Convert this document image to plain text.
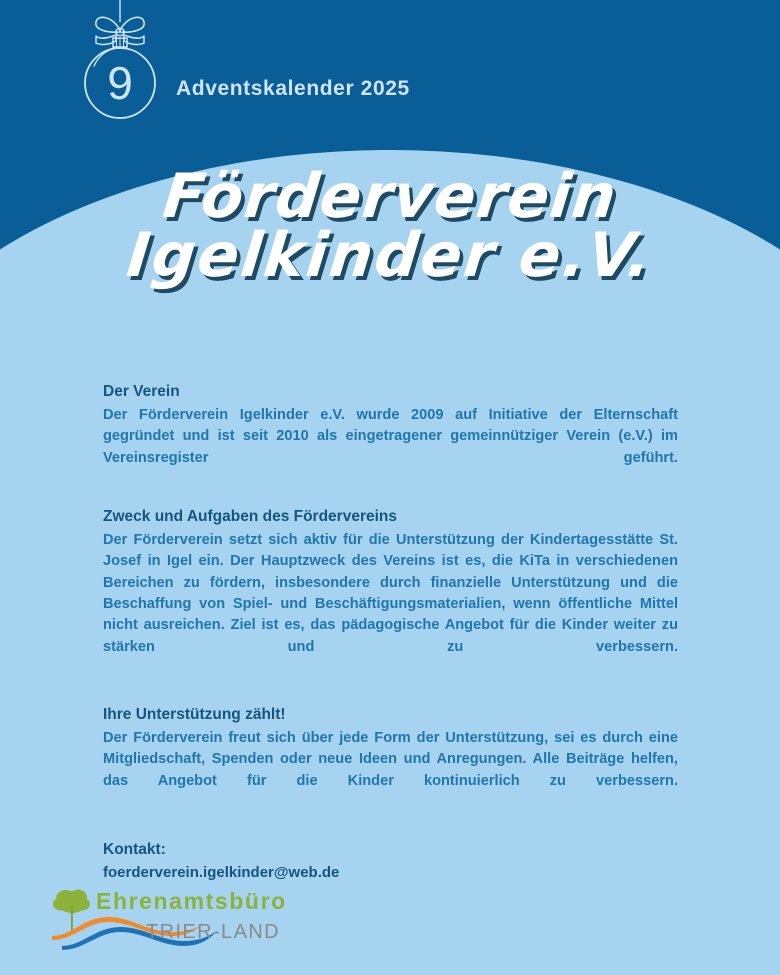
9 Adventskalender 2025
Förderverein
Igelkinder e.V.
Der Verein
Der Förderverein Igelkinder e.V. wurde 2009 auf Initiative der Elternschaft gegründet und ist seit 2010 als eingetragener gemeinnütziger Verein (e.V.) im Vereinsregister geführt.
Zweck und Aufgaben des Fördervereins
Der Förderverein setzt sich aktiv für die Unterstützung der Kindertagesstätte St. Josef in Igel ein. Der Hauptzweck des Vereins ist es, die KiTa in verschiedenen Bereichen zu fördern, insbesondere durch finanzielle Unterstützung und die Beschaffung von Spiel- und Beschäftigungsmaterialien, wenn öffentliche Mittel nicht ausreichen. Ziel ist es, das pädagogische Angebot für die Kinder weiter zu stärken und zu verbessern.
Ihre Unterstützung zählt!
Der Förderverein freut sich über jede Form der Unterstützung, sei es durch eine Mitgliedschaft, Spenden oder neue Ideen und Anregungen. Alle Beiträge helfen, das Angebot für die Kinder kontinuierlich zu verbessern.
Kontakt:
foerderverein.igelkinder@web.de
Ehrenamtsbüro
TRIER-LAND
